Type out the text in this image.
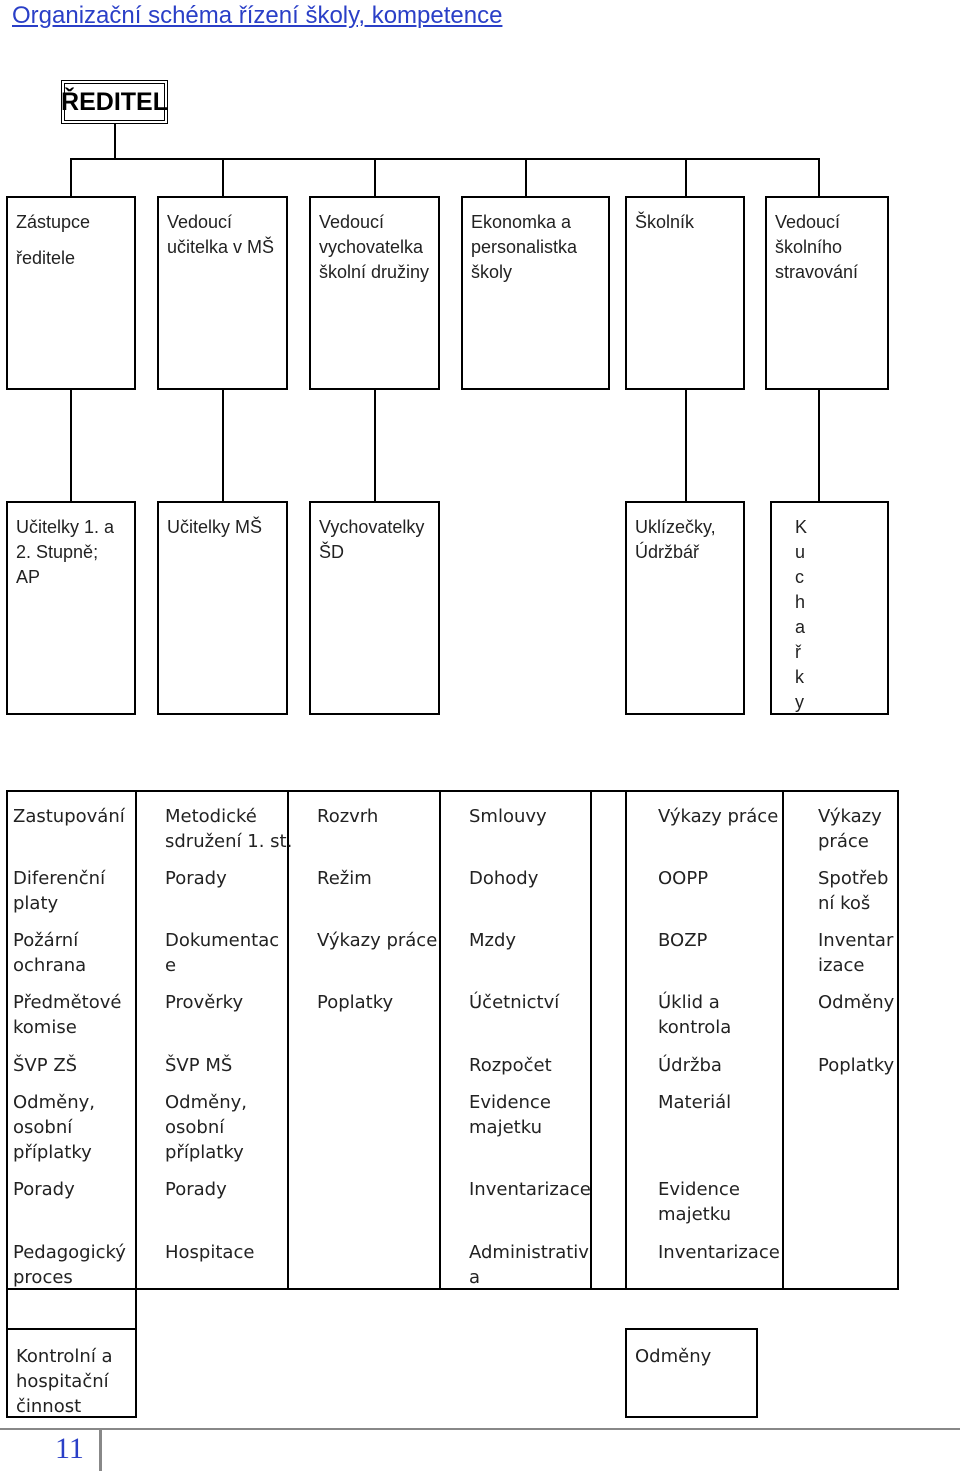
Organizační schéma řízení školy, kompetence
ŘEDITEL
Zástupce
ředitele
Vedoucí
učitelka v MŠ
Vedoucí
vychovatelka
školní družiny
Ekonomka a
personalistka
školy
Školník	Vedoucí
školního
stravování
Učitelky 1. a
2. Stupně; AP
Učitelky MŠ	Vychovatelky
ŠD
Uklízečky,
Údržbář
K
u
c
h
a
ř
k
y
Zastupování
Diferenční
platy
Požární
ochrana
Předmětové
komise
ŠVP ZŠ
Odměny,
osobní
příplatky
Porady
Pedagogický
proces
Metodické
sdružení 1. st.
Porady
Dokumentac
e
Prověrky
ŠVP MŠ
Odměny,
osobní
příplatky
Porady
Hospitace
Rozvrh
Režim
Výkazy práce
Poplatky
Smlouvy
Dohody
Mzdy
Účetnictví
Rozpočet
Evidence
majetku
Inventarizace
Administrativ
a
Výkazy práce
OOPP
BOZP
Úklid a
kontrola
Údržba
Materiál
Evidence
majetku
Inventarizace
Výkazy
práce
Spotřeb
ní koš
Inventar
izace
Odměny
Poplatky
Kontrolní a
hospitační
činnost
Odměny
11
